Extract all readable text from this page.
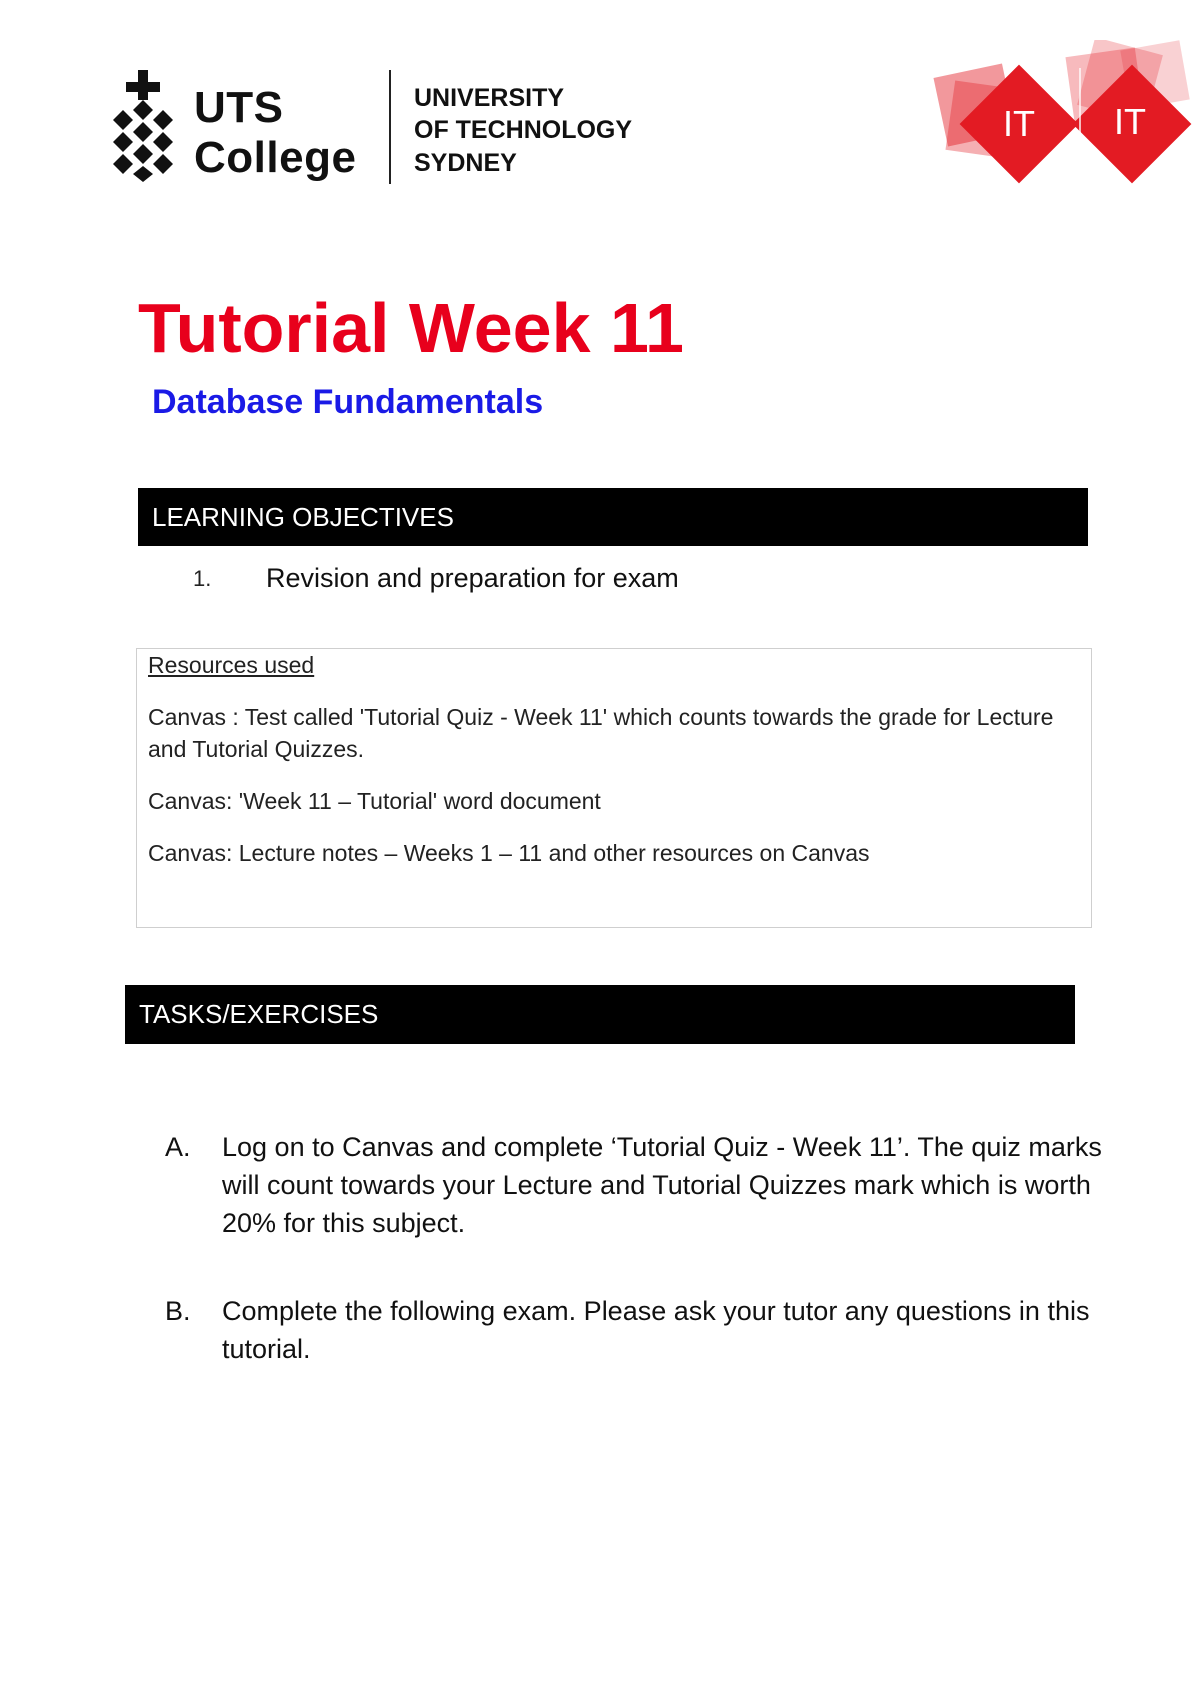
UTS
College
UNIVERSITY
OF TECHNOLOGY
SYDNEY
IT IT
Tutorial Week 11
Database Fundamentals
LEARNING OBJECTIVES
1. Revision and preparation for exam
Resources used
Canvas : Test called 'Tutorial Quiz - Week 11' which counts towards the grade for Lecture and Tutorial Quizzes.
Canvas: 'Week 11 – Tutorial' word document
Canvas: Lecture notes – Weeks 1 – 11 and other resources on Canvas
TASKS/EXERCISES
A. Log on to Canvas and complete ‘Tutorial Quiz - Week 11’. The quiz marks will count towards your Lecture and Tutorial Quizzes mark which is worth 20% for this subject.
B. Complete the following exam. Please ask your tutor any questions in this tutorial.
